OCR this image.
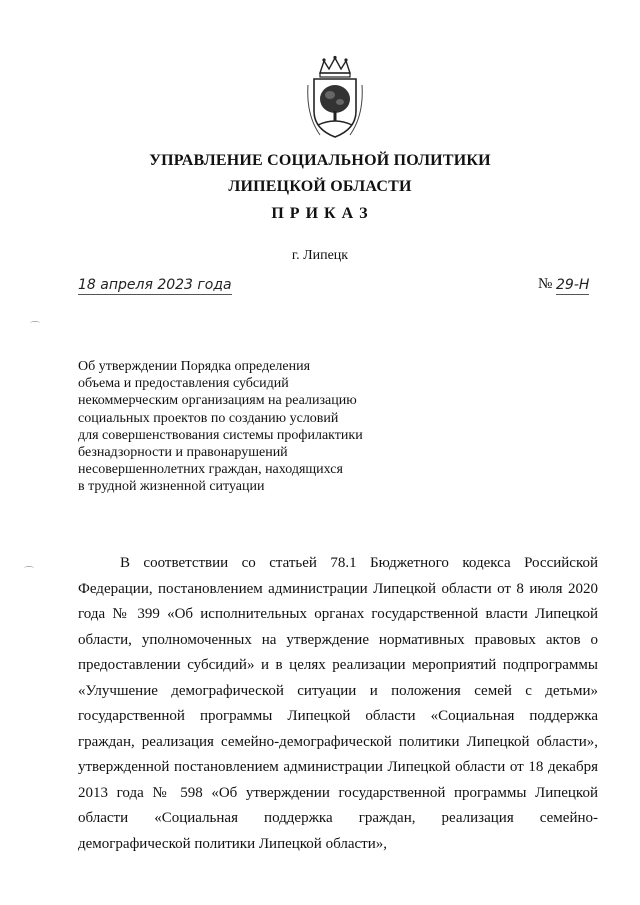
УПРАВЛЕНИЕ СОЦИАЛЬНОЙ ПОЛИТИКИ
ЛИПЕЦКОЙ ОБЛАСТИ
П Р И К А З
г. Липецк
18 апреля 2023 года	№ 29-Н
⌒
⌒
Об утверждении Порядка определения
объема и предоставления субсидий
некоммерческим организациям на реализацию
социальных проектов по созданию условий
для совершенствования системы профилактики
безнадзорности и правонарушений
несовершеннолетних граждан, находящихся
в трудной жизненной ситуации
В соответствии со статьей 78.1 Бюджетного кодекса Российской
Федерации, постановлением администрации Липецкой области от 8 июля 2020
года № 399 «Об исполнительных органах государственной власти Липецкой
области, уполномоченных на утверждение нормативных правовых актов о
предоставлении субсидий» и в целях реализации мероприятий подпрограммы
«Улучшение демографической ситуации и положения семей с детьми»
государственной программы Липецкой области «Социальная поддержка
граждан, реализация семейно-демографической политики Липецкой области»,
утвержденной постановлением администрации Липецкой области от 18 декабря
2013 года № 598 «Об утверждении государственной программы Липецкой
области «Социальная поддержка граждан, реализация семейно-
демографической политики Липецкой области»,
